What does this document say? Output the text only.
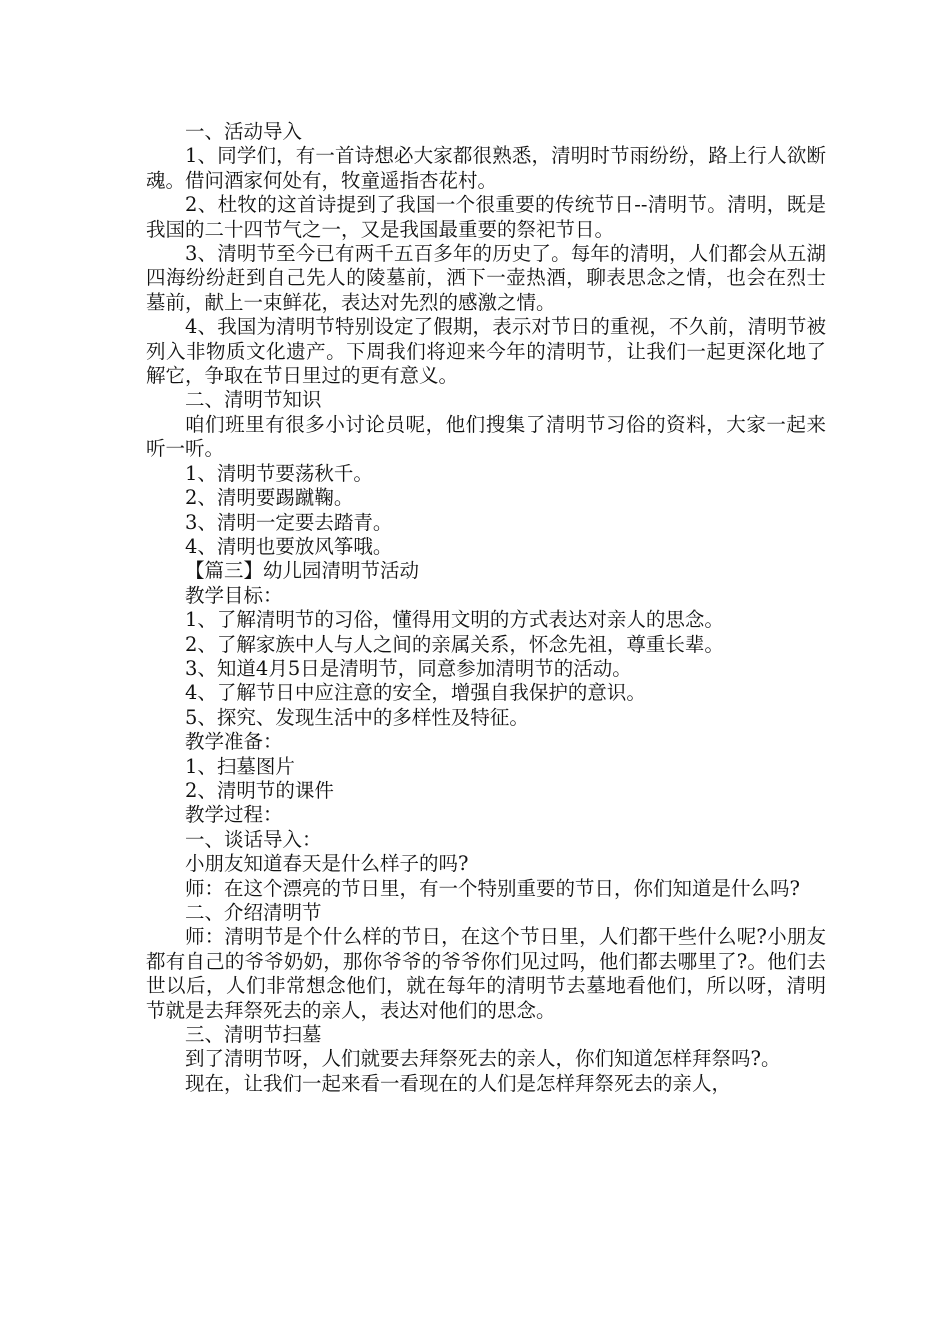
一、活动导入

1、同学们，有一首诗想必大家都很熟悉，清明时节雨纷纷，路上行人欲断魂。借问酒家何处有，牧童遥指杏花村。

2、杜牧的这首诗提到了我国一个很重要的传统节日--清明节。清明，既是我国的二十四节气之一，又是我国最重要的祭祀节日。

3、清明节至今已有两千五百多年的历史了。每年的清明，人们都会从五湖四海纷纷赶到自己先人的陵墓前，洒下一壶热酒，聊表思念之情，也会在烈士墓前，献上一束鲜花，表达对先烈的感激之情。

4、我国为清明节特别设定了假期，表示对节日的重视，不久前，清明节被列入非物质文化遗产。下周我们将迎来今年的清明节，让我们一起更深化地了解它，争取在节日里过的更有意义。

二、清明节知识

咱们班里有很多小讨论员呢，他们搜集了清明节习俗的资料，大家一起来听一听。

1、清明节要荡秋千。

2、清明要踢蹴鞠。

3、清明一定要去踏青。

4、清明也要放风筝哦。

【篇三】幼儿园清明节活动

教学目标：

1、了解清明节的习俗，懂得用文明的方式表达对亲人的思念。

2、了解家族中人与人之间的亲属关系，怀念先祖，尊重长辈。

3、知道4月5日是清明节，同意参加清明节的活动。

4、了解节日中应注意的安全，增强自我保护的意识。

5、探究、发现生活中的多样性及特征。

教学准备：

1、扫墓图片

2、清明节的课件

教学过程：

一、谈话导入：

小朋友知道春天是什么样子的吗?

师：在这个漂亮的节日里，有一个特别重要的节日，你们知道是什么吗?

二、介绍清明节

师：清明节是个什么样的节日，在这个节日里，人们都干些什么呢?小朋友都有自己的爷爷奶奶，那你爷爷的爷爷你们见过吗，他们都去哪里了?。他们去世以后，人们非常想念他们，就在每年的清明节去墓地看他们，所以呀，清明节就是去拜祭死去的亲人，表达对他们的思念。

三、清明节扫墓

到了清明节呀，人们就要去拜祭死去的亲人，你们知道怎样拜祭吗?。

现在，让我们一起来看一看现在的人们是怎样拜祭死去的亲人，
